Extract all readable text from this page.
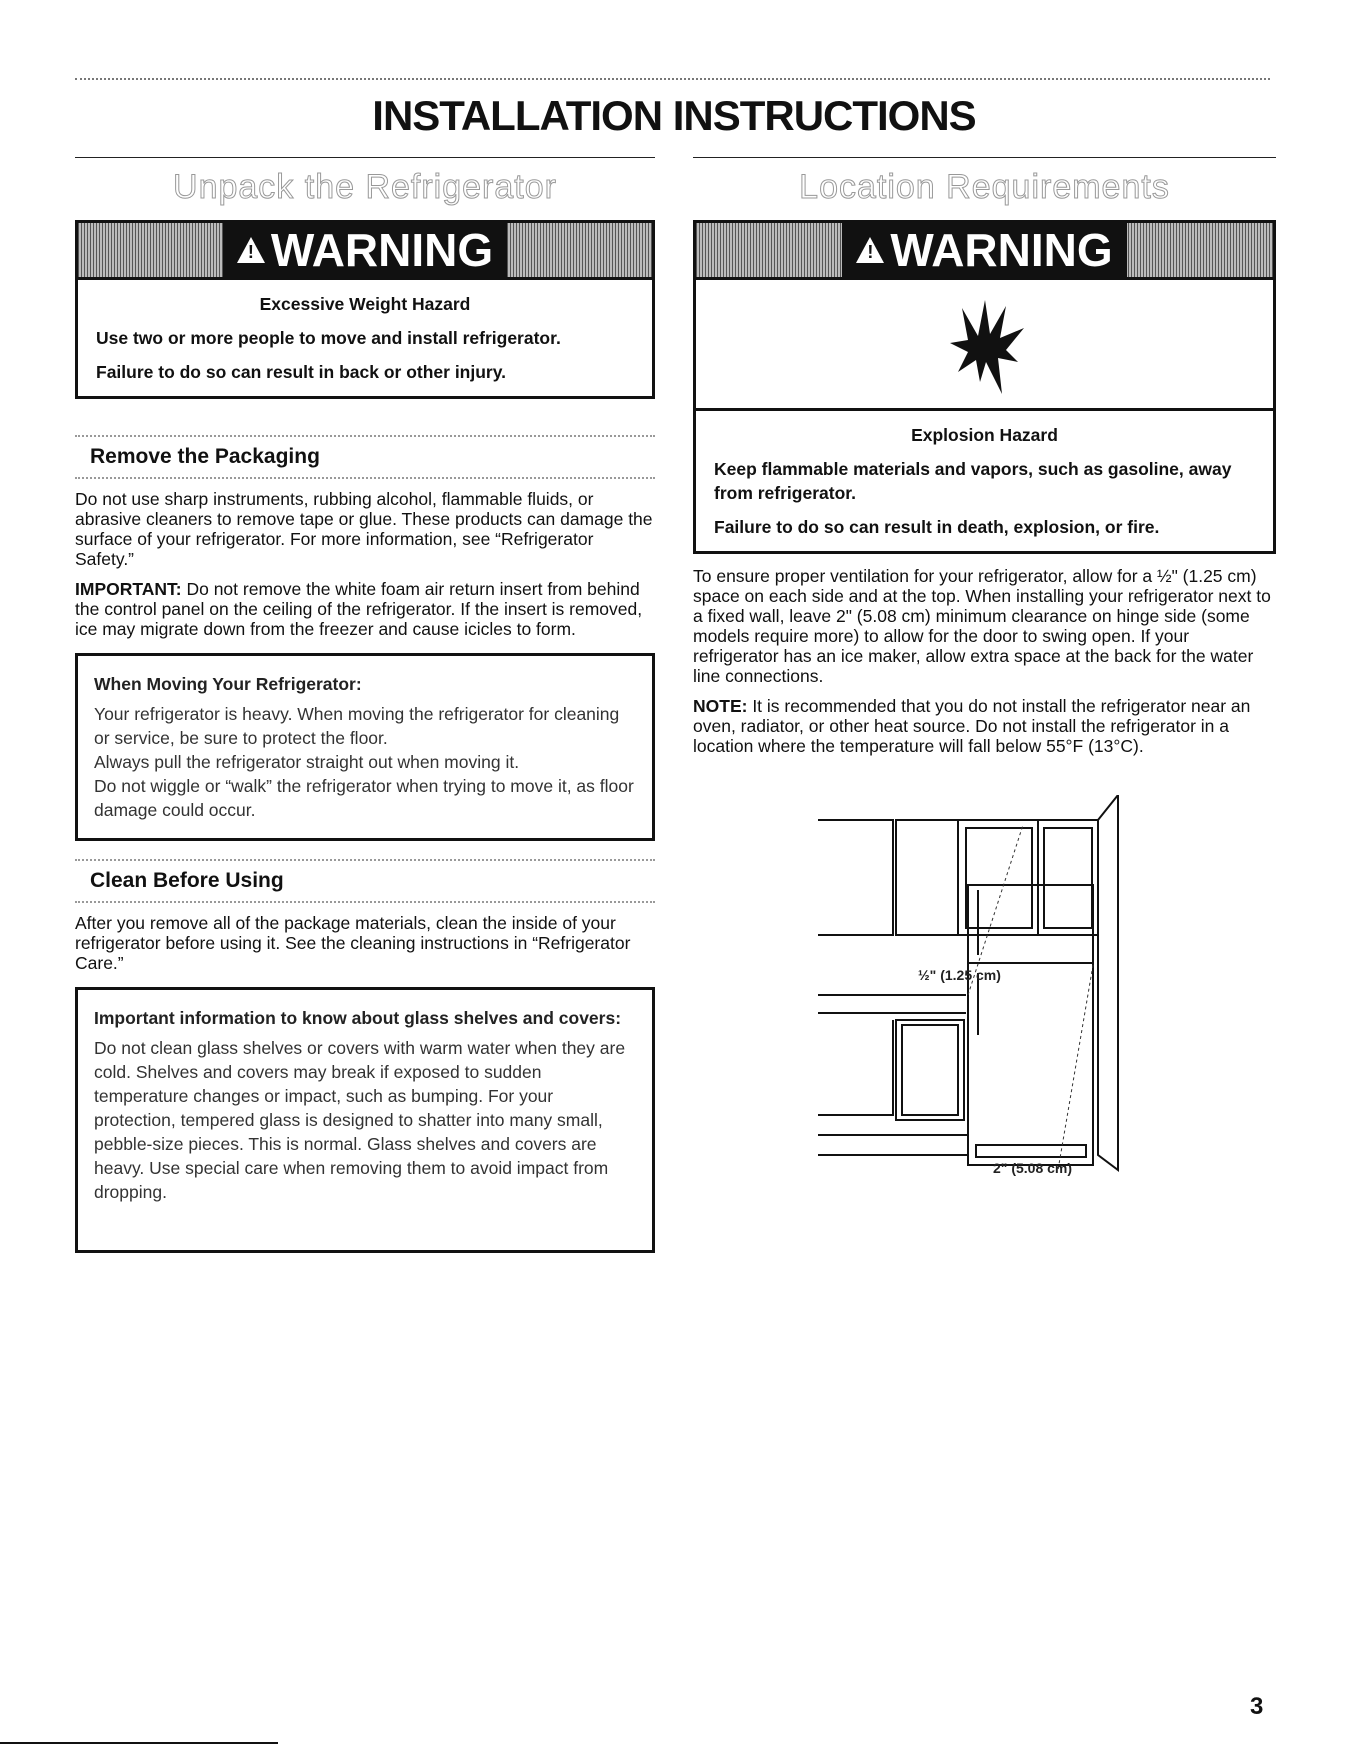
INSTALLATION INSTRUCTIONS
Unpack the Refrigerator
! WARNING

Excessive Weight Hazard

Use two or more people to move and install refrigerator.

Failure to do so can result in back or other injury.

Remove the Packaging

Do not use sharp instruments, rubbing alcohol, flammable fluids, or abrasive cleaners to remove tape or glue. These products can damage the surface of your refrigerator. For more information, see “Refrigerator Safety.”

IMPORTANT: Do not remove the white foam air return insert from behind the control panel on the ceiling of the refrigerator. If the insert is removed, ice may migrate down from the freezer and cause icicles to form.

When Moving Your Refrigerator:
Your refrigerator is heavy. When moving the refrigerator for cleaning or service, be sure to protect the floor.
Always pull the refrigerator straight out when moving it.
Do not wiggle or “walk” the refrigerator when trying to move it, as floor damage could occur.
Clean Before Using

After you remove all of the package materials, clean the inside of your refrigerator before using it. See the cleaning instructions in “Refrigerator Care.”

Important information to know about glass shelves and covers:
Do not clean glass shelves or covers with warm water when they are cold. Shelves and covers may break if exposed to sudden temperature changes or impact, such as bumping. For your protection, tempered glass is designed to shatter into many small, pebble-size pieces. This is normal. Glass shelves and covers are heavy. Use special care when removing them to avoid impact from dropping.
Location Requirements
! WARNING

Explosion Hazard

Keep flammable materials and vapors, such as gasoline, away from refrigerator.

Failure to do so can result in death, explosion, or fire.

To ensure proper ventilation for your refrigerator, allow for a ½" (1.25 cm) space on each side and at the top. When installing your refrigerator next to a fixed wall, leave 2" (5.08 cm) minimum clearance on hinge side (some models require more) to allow for the door to swing open. If your refrigerator has an ice maker, allow extra space at the back for the water line connections.

NOTE: It is recommended that you do not install the refrigerator near an oven, radiator, or other heat source. Do not install the refrigerator in a location where the temperature will fall below 55°F (13°C).

½" (1.25 cm)
2" (5.08 cm)
3
